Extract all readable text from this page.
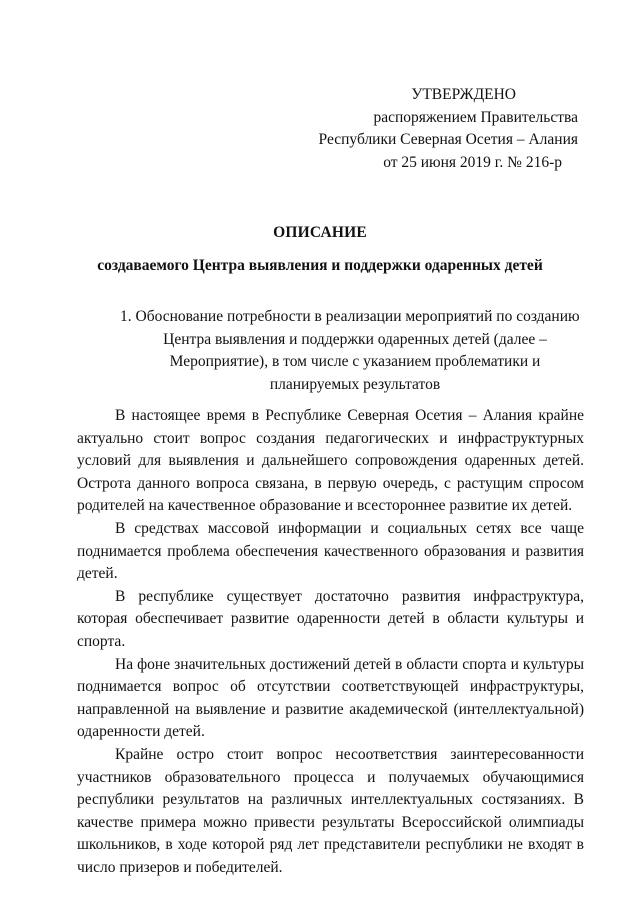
УТВЕРЖДЕНО
распоряжением Правительства
Республики Северная Осетия – Алания
от 25 июня 2019 г. № 216-р
ОПИСАНИЕ
создаваемого Центра выявления и поддержки одаренных детей
1. Обоснование потребности в реализации мероприятий по созданию
Центра выявления и поддержки одаренных детей (далее –
Мероприятие), в том числе с указанием проблематики и
планируемых результатов

В настоящее время в Республике Северная Осетия – Алания крайне актуально стоит вопрос создания педагогических и инфраструктурных условий для выявления и дальнейшего сопровождения одаренных детей. Острота данного вопроса связана, в первую очередь, с растущим спросом родителей на качественное образование и всестороннее развитие их детей.

В средствах массовой информации и социальных сетях все чаще поднимается проблема обеспечения качественного образования и развития детей.

В республике существует достаточно развития инфраструктура, которая обеспечивает развитие одаренности детей в области культуры и спорта.

На фоне значительных достижений детей в области спорта и культуры поднимается вопрос об отсутствии соответствующей инфраструктуры, направленной на выявление и развитие академической (интеллектуальной) одаренности детей.

Крайне остро стоит вопрос несоответствия заинтересованности участников образовательного процесса и получаемых обучающимися республики результатов на различных интеллектуальных состязаниях. В качестве примера можно привести результаты Всероссийской олимпиады школьников, в ходе которой ряд лет представители республики не входят в число призеров и победителей.
